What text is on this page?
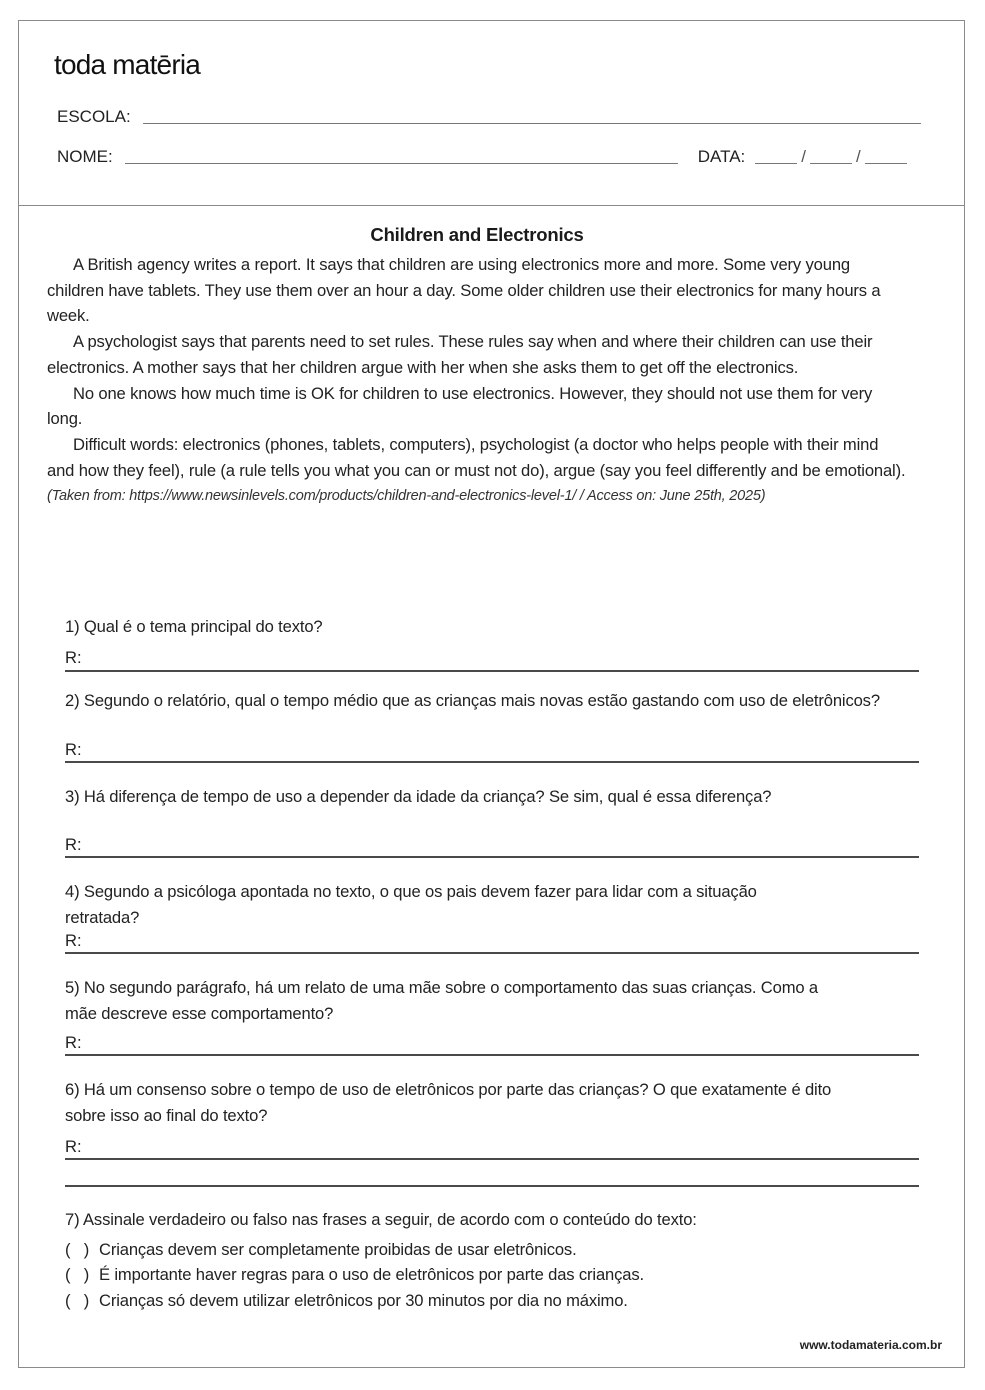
toda matēria
ESCOLA:
NOME:	DATA:	/	/
Children and Electronics

A British agency writes a report. It says that children are using electronics more and more. Some very young children have tablets. They use them over an hour a day. Some older children use their electronics for many hours a week.

A psychologist says that parents need to set rules. These rules say when and where their children can use their electronics. A mother says that her children argue with her when she asks them to get off the electronics.

No one knows how much time is OK for children to use electronics. However, they should not use them for very long.

Difficult words: electronics (phones, tablets, computers), psychologist (a doctor who helps people with their mind and how they feel), rule (a rule tells you what you can or must not do), argue (say you feel differently and be emotional).

(Taken from: https://www.newsinlevels.com/products/children-and-electronics-level-1/ / Access on: June 25th, 2025)
1) Qual é o tema principal do texto?
R:
2) Segundo o relatório, qual o tempo médio que as crianças mais novas estão gastando com uso de eletrônicos?
R:
3) Há diferença de tempo de uso a depender da idade da criança? Se sim, qual é essa diferença?
R:
4) Segundo a psicóloga apontada no texto, o que os pais devem fazer para lidar com a situação retratada?
R:
5) No segundo parágrafo, há um relato de uma mãe sobre o comportamento das suas crianças. Como a mãe descreve esse comportamento?
R:
6) Há um consenso sobre o tempo de uso de eletrônicos por parte das crianças? O que exatamente é dito sobre isso ao final do texto?
R:
7) Assinale verdadeiro ou falso nas frases a seguir, de acordo com o conteúdo do texto:
(   ) Crianças devem ser completamente proibidas de usar eletrônicos.
(   ) É importante haver regras para o uso de eletrônicos por parte das crianças.
(   ) Crianças só devem utilizar eletrônicos por 30 minutos por dia no máximo.
www.todamateria.com.br
